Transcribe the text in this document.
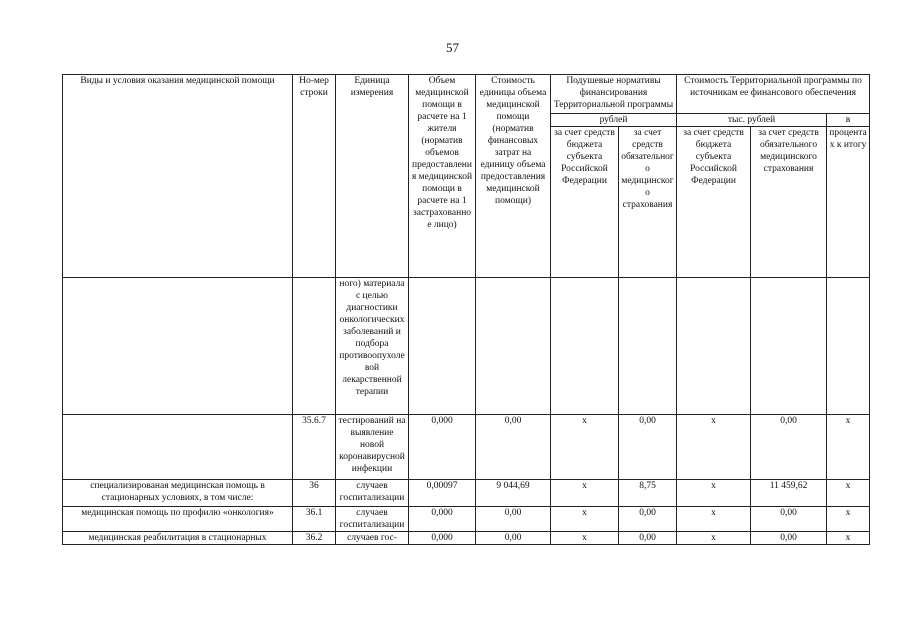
57
Виды и условия оказания медицинской помощи	Но-мер строки	Единица измерения	Объем медицинской помощи в расчете на 1 жителя (норматив объемов предоставления медицинской помощи в расчете на 1 застрахованное лицо)	Стоимость единицы объема медицинской помощи (норматив финансовых затрат на единицу объема предоставления медицинской помощи)	Подушевые нормативы финансирования Территориальной программы		Стоимость Территориальной программы по источникам ее финансового обеспечения		
					рублей		тыс. рублей		в
					за счет средств бюджета субъекта Российской Федерации	за счет средств обязательного медицинского страхования	за счет средств бюджета субъекта Российской Федерации	за счет средств обязательного медицинского страхования	процентах к итогу
		ного) материала с целью диагностики онкологических заболеваний и подбора противоопухолевой лекарственной терапии							
	35.6.7	тестирований на выявление новой коронавирусной инфекции	0,000	0,00	х	0,00	х	0,00	х
специализированая медицинская помощь в стационарных условиях, в том числе:	36	случаев госпитализации	0,00097	9 044,69	х	8,75	х	11 459,62	х
медицинская помощь по профилю «онкология»	36.1	случаев госпитализации	0,000	0,00	х	0,00	х	0,00	х
медицинская реабилитация в стационарных	36.2	случаев гос-	0,000	0,00	х	0,00	х	0,00	х
